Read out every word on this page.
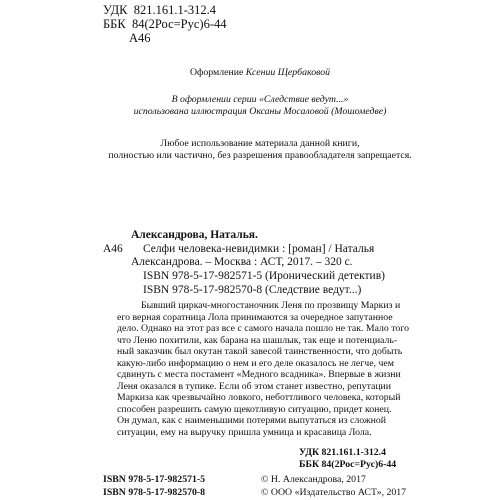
УДК 821.161.1-312.4
ББК 84(2Рос=Рус)6-44
А46
Оформление Ксении Щербаковой
В оформлении серии «Следствие ведут...»
использована иллюстрация Оксаны Мосаловой (Мошомедве)
Любое использование материала данной книги,
полностью или частично, без разрешения правообладателя запрещается.
Александрова, Наталья.
А46 Селфи человека-невидимки : [роман] / Наталья
Александрова. – Москва : АСТ, 2017. – 320 с.
ISBN 978-5-17-982571-5 (Иронический детектив)
ISBN 978-5-17-982570-8 (Следствие ведут...)
Бывший циркач-многостаночник Леня по прозвищу Маркиз и
его верная соратница Лола принимаются за очередное запутанное
дело. Однако на этот раз все с самого начала пошло не так. Мало того
что Леню похитили, как барана на шашлык, так еще и потенциаль-
ный заказчик был окутан такой завесой таинственности, что добыть
какую-либо информацию о нем и его деле оказалось не легче, чем
сдвинуть с места постамент «Медного всадника». Впервые в жизни
Леня оказался в тупике. Если об этом станет известно, репутации
Маркиза как чрезвычайно ловкого, неботтливого человека, который
способен разрешить самую щекотливую ситуацию, придет конец.
Он думал, как с наименьшими потерями выпутаться из сложной
ситуации, ему на выручку пришла умница и красавица Лола.
УДК 821.161.1-312.4
ББК 84(2Рос=Рус)6-44
ISBN 978-5-17-982571-5
ISBN 978-5-17-982570-8
© Н. Александрова, 2017
© ООО «Издательство АСТ», 2017
